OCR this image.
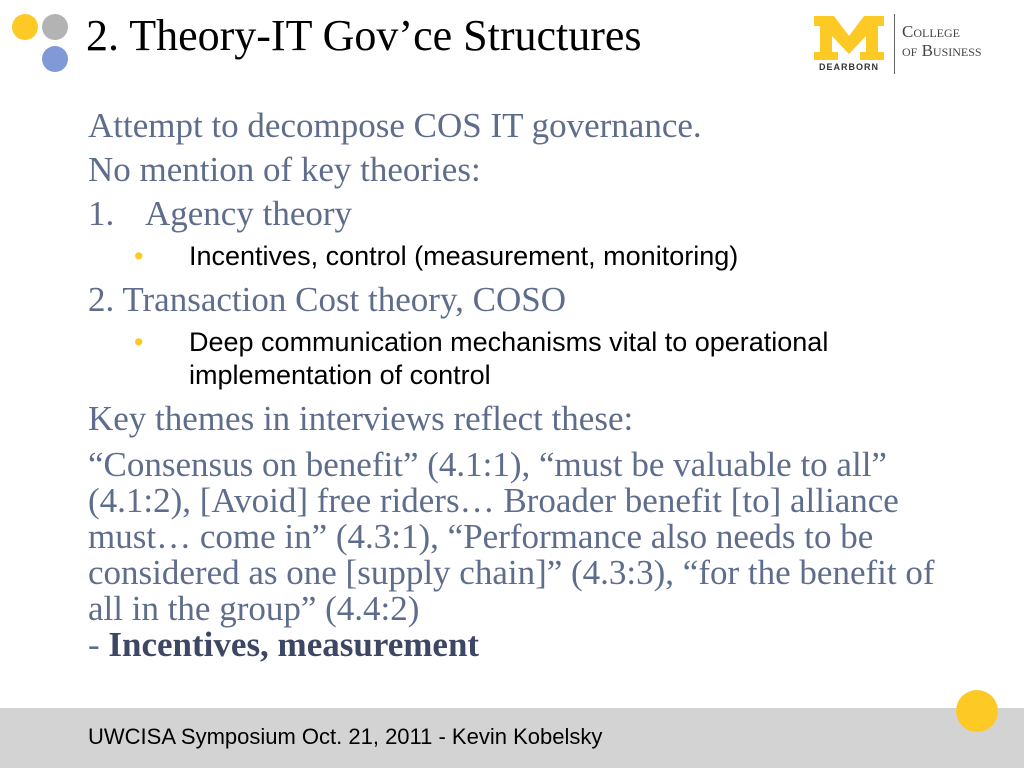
2. Theory-IT Gov’ce Structures
DEARBORN
College
of Business

Attempt to decompose COS IT governance.

No mention of key theories:

1. Agency theory

• Incentives, control (measurement, monitoring)

2. Transaction Cost theory, COSO

• Deep communication mechanisms vital to operational implementation of control

Key themes in interviews reflect these:

“Consensus on benefit” (4.1:1), “must be valuable to all” (4.1:2), [Avoid] free riders… Broader benefit [to] alliance must… come in” (4.3:1), “Performance also needs to be considered as one [supply chain]” (4.3:3), “for the benefit of all in the group” (4.4:2)
- Incentives, measurement
UWCISA Symposium Oct. 21, 2011 - Kevin Kobelsky
